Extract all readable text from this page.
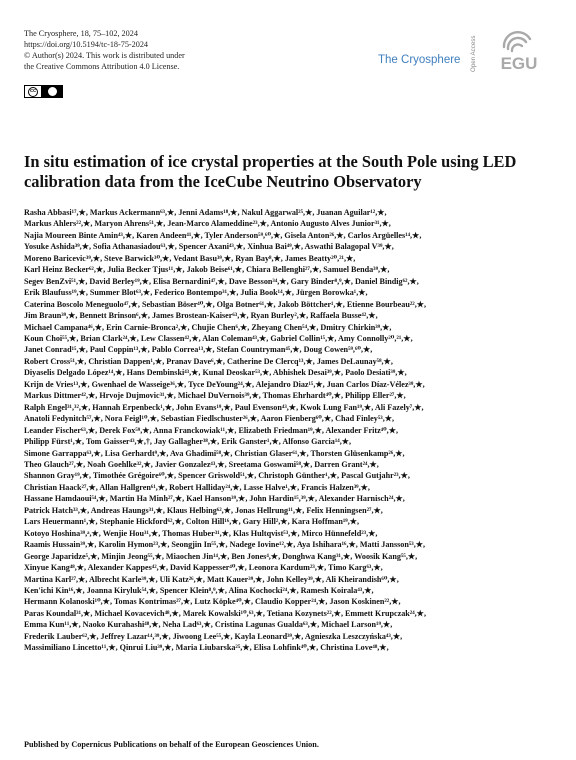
The Cryosphere, 18, 75–102, 2024
https://doi.org/10.5194/tc-18-75-2024
© Author(s) 2024. This work is distributed under
the Creative Commons Attribution 4.0 License.
cc
The Cryosphere Open Access EGU
In situ estimation of ice crystal properties at the South Pole using LED calibration data from the IceCube Neutrino Observatory
Rasha Abbasi¹⁷,★, Markus Ackermann⁶³,★, Jenni Adams¹⁸,★, Nakul Aggarwal²⁵,★, Juanan Aguilar¹²,★,
Markus Ahlers²²,★, Maryon Ahrens⁵¹,★, Jean-Marco Alameddine²³,★, Antonio Augusto Alves Junior³¹,★,
Najia Moureen Binte Amin⁴³,★, Karen Andeen⁴¹,★, Tyler Anderson⁵⁹,⁶⁰,★, Gisela Anton²⁶,★, Carlos Argüelles¹⁴,★,
Yosuke Ashida³⁹,★, Sofia Athanasiadou⁶³,★, Spencer Axani⁴³,★, Xinhua Bai⁴⁹,★, Aswathi Balagopal V³⁹,★,
Moreno Baricevic³⁹,★, Steve Barwick³⁰,★, Vedant Basu³⁹,★, Ryan Bay⁸,★, James Beatty²⁰,²¹,★,
Karl Heinz Becker⁶²,★, Julia Becker Tjus¹¹,★, Jakob Beise⁶¹,★, Chiara Bellenghi²⁷,★, Samuel Benda³⁹,★,
Segev BenZvi⁵¹,★, David Berley¹⁹,★, Elisa Bernardini⁴⁷,★, Dave Besson³⁴,★, Gary Binder⁸,⁹,★, Daniel Bindig⁶²,★,
Erik Blaufuss¹⁹,★, Summer Blot⁶³,★, Federico Bontempo³¹,★, Julia Book¹⁴,★, Jürgen Borowka¹,★,
Caterina Boscolo Meneguolo⁴⁷,★, Sebastian Böser⁴⁰,★, Olga Botner⁶¹,★, Jakob Böttcher¹,★, Etienne Bourbeau²²,★,
Jim Braun³⁹,★, Bennett Brinson⁶,★, James Brostean-Kaiser⁶³,★, Ryan Burley²,★, Raffaela Busse⁴²,★,
Michael Campana⁴⁶,★, Erin Carnie-Bronca²,★, Chujie Chen⁶,★, Zheyang Chen⁵⁴,★, Dmitry Chirkin³⁹,★,
Koun Choi⁵⁵,★, Brian Clark²⁴,★, Lew Classen⁴²,★, Alan Coleman⁴³,★, Gabriel Collin¹⁵,★, Amy Connolly²⁰,²¹,★,
Janet Conrad¹⁵,★, Paul Coppin¹³,★, Pablo Correa¹³,★, Stefan Countryman⁴⁵,★, Doug Cowen⁵⁹,⁶⁰,★,
Robert Cross⁵¹,★, Christian Dappen¹,★, Pranav Dave⁶,★, Catherine De Clercq¹³,★, James DeLaunay⁵⁸,★,
Diyaselis Delgado López¹⁴,★, Hans Dembinski⁴³,★, Kunal Deoskar⁵³,★, Abhishek Desai³⁹,★, Paolo Desiati³⁹,★,
Krijn de Vries¹³,★, Gwenhael de Wasseige³⁶,★, Tyce DeYoung²⁴,★, Alejandro Diaz¹⁵,★, Juan Carlos Díaz-Vélez³⁹,★,
Markus Dittmer⁴²,★, Hrvoje Dujmovic³¹,★, Michael DuVernois³⁹,★, Thomas Ehrhardt⁴⁰,★, Philipp Eller²⁷,★,
Ralph Engel³¹,³²,★, Hannah Erpenbeck¹,★, John Evans¹⁹,★, Paul Evenson⁴³,★, Kwok Lung Fan¹⁹,★, Ali Fazely⁷,★,
Anatoli Fedynitch⁵⁷,★, Nora Feigl¹⁰,★, Sebastian Fiedlschuster²⁶,★, Aaron Fienberg⁶⁰,★, Chad Finley⁵³,★,
Leander Fischer⁶³,★, Derek Fox⁵⁹,★, Anna Franckowiak¹¹,★, Elizabeth Friedman¹⁹,★, Alexander Fritz⁴⁰,★,
Philipp Fürst¹,★, Tom Gaisser⁴³,★,†, Jay Gallagher³⁸,★, Erik Ganster¹,★, Alfonso Garcia¹⁴,★,
Simone Garrappa⁶³,★, Lisa Gerhardt⁹,★, Ava Ghadimi⁵⁸,★, Christian Glaser⁶¹,★, Thorsten Glüsenkamp²⁶,★,
Theo Glauch²⁷,★, Noah Goehlke³²,★, Javier Gonzalez⁴³,★, Sreetama Goswami⁵⁸,★, Darren Grant²⁴,★,
Shannon Gray¹⁹,★, Timothée Grégoire⁶⁰,★, Spencer Griswold⁵¹,★, Christoph Günther¹,★, Pascal Gutjahr²³,★,
Christian Haack²⁷,★, Allan Hallgren⁶¹,★, Robert Halliday²⁴,★, Lasse Halve¹,★, Francis Halzen³⁹,★,
Hassane Hamdaoui⁵⁴,★, Martin Ha Minh²⁷,★, Kael Hanson³⁹,★, John Hardin¹⁵,³⁹,★, Alexander Harnisch²⁴,★,
Patrick Hatch³³,★, Andreas Haungs³¹,★, Klaus Helbing⁶²,★, Jonas Hellrung¹¹,★, Felix Henningsen²⁷,★,
Lars Heuermann¹,★, Stephanie Hickford⁶²,★, Colton Hill¹⁶,★, Gary Hill²,★, Kara Hoffman¹⁹,★,
Kotoyo Hoshina³⁹,ᵃ,★, Wenjie Hou³¹,★, Thomas Huber³¹,★, Klas Hultqvist⁵³,★, Mirco Hünnefeld²³,★,
Raamis Hussain³⁹,★, Karolin Hymon²³,★, Seongjin In⁵⁵,★, Nadege Iovine¹²,★, Aya Ishihara¹⁶,★, Matti Jansson⁵³,★,
George Japaridze⁵,★, Minjin Jeong⁵⁵,★, Miaochen Jin¹⁴,★, Ben Jones⁴,★, Donghwa Kang³¹,★, Woosik Kang⁵⁵,★,
Xinyue Kang⁴⁸,★, Alexander Kappes⁴²,★, David Kappesser⁴⁰,★, Leonora Kardum²³,★, Timo Karg⁶³,★,
Martina Karl²⁷,★, Albrecht Karle³⁹,★, Uli Katz²⁶,★, Matt Kauer³⁹,★, John Kelley³⁹,★, Ali Kheirandish⁶⁰,★,
Ken'ichi Kin¹⁶,★, Joanna Kiryluk⁵⁴,★, Spencer Klein⁸,⁹,★, Alina Kochocki²⁴,★, Ramesh Koirala⁴³,★,
Hermann Kolanoski¹⁰,★, Tomas Kontrimas²⁷,★, Lutz Köpke⁴⁰,★, Claudio Kopper²⁴,★, Jason Koskinen²²,★,
Paras Koundal³¹,★, Michael Kovacevich⁴⁸,★, Marek Kowalski¹⁰,⁶³,★, Tetiana Kozynets²²,★, Emmett Krupczak²⁴,★,
Emma Kun¹¹,★, Naoko Kurahashi⁴⁸,★, Neha Lad⁶³,★, Cristina Lagunas Gualda⁶³,★, Michael Larson¹⁹,★,
Frederik Lauber⁶²,★, Jeffrey Lazar¹⁴,³⁹,★, Jiwoong Lee⁵⁵,★, Kayla Leonard³⁹,★, Agnieszka Leszczyńska⁴³,★,
Massimiliano Lincetto¹¹,★, Qinrui Liu³⁹,★, Maria Liubarska²⁵,★, Elisa Lohfink⁴⁰,★, Christina Love⁴⁸,★,
Published by Copernicus Publications on behalf of the European Geosciences Union.
